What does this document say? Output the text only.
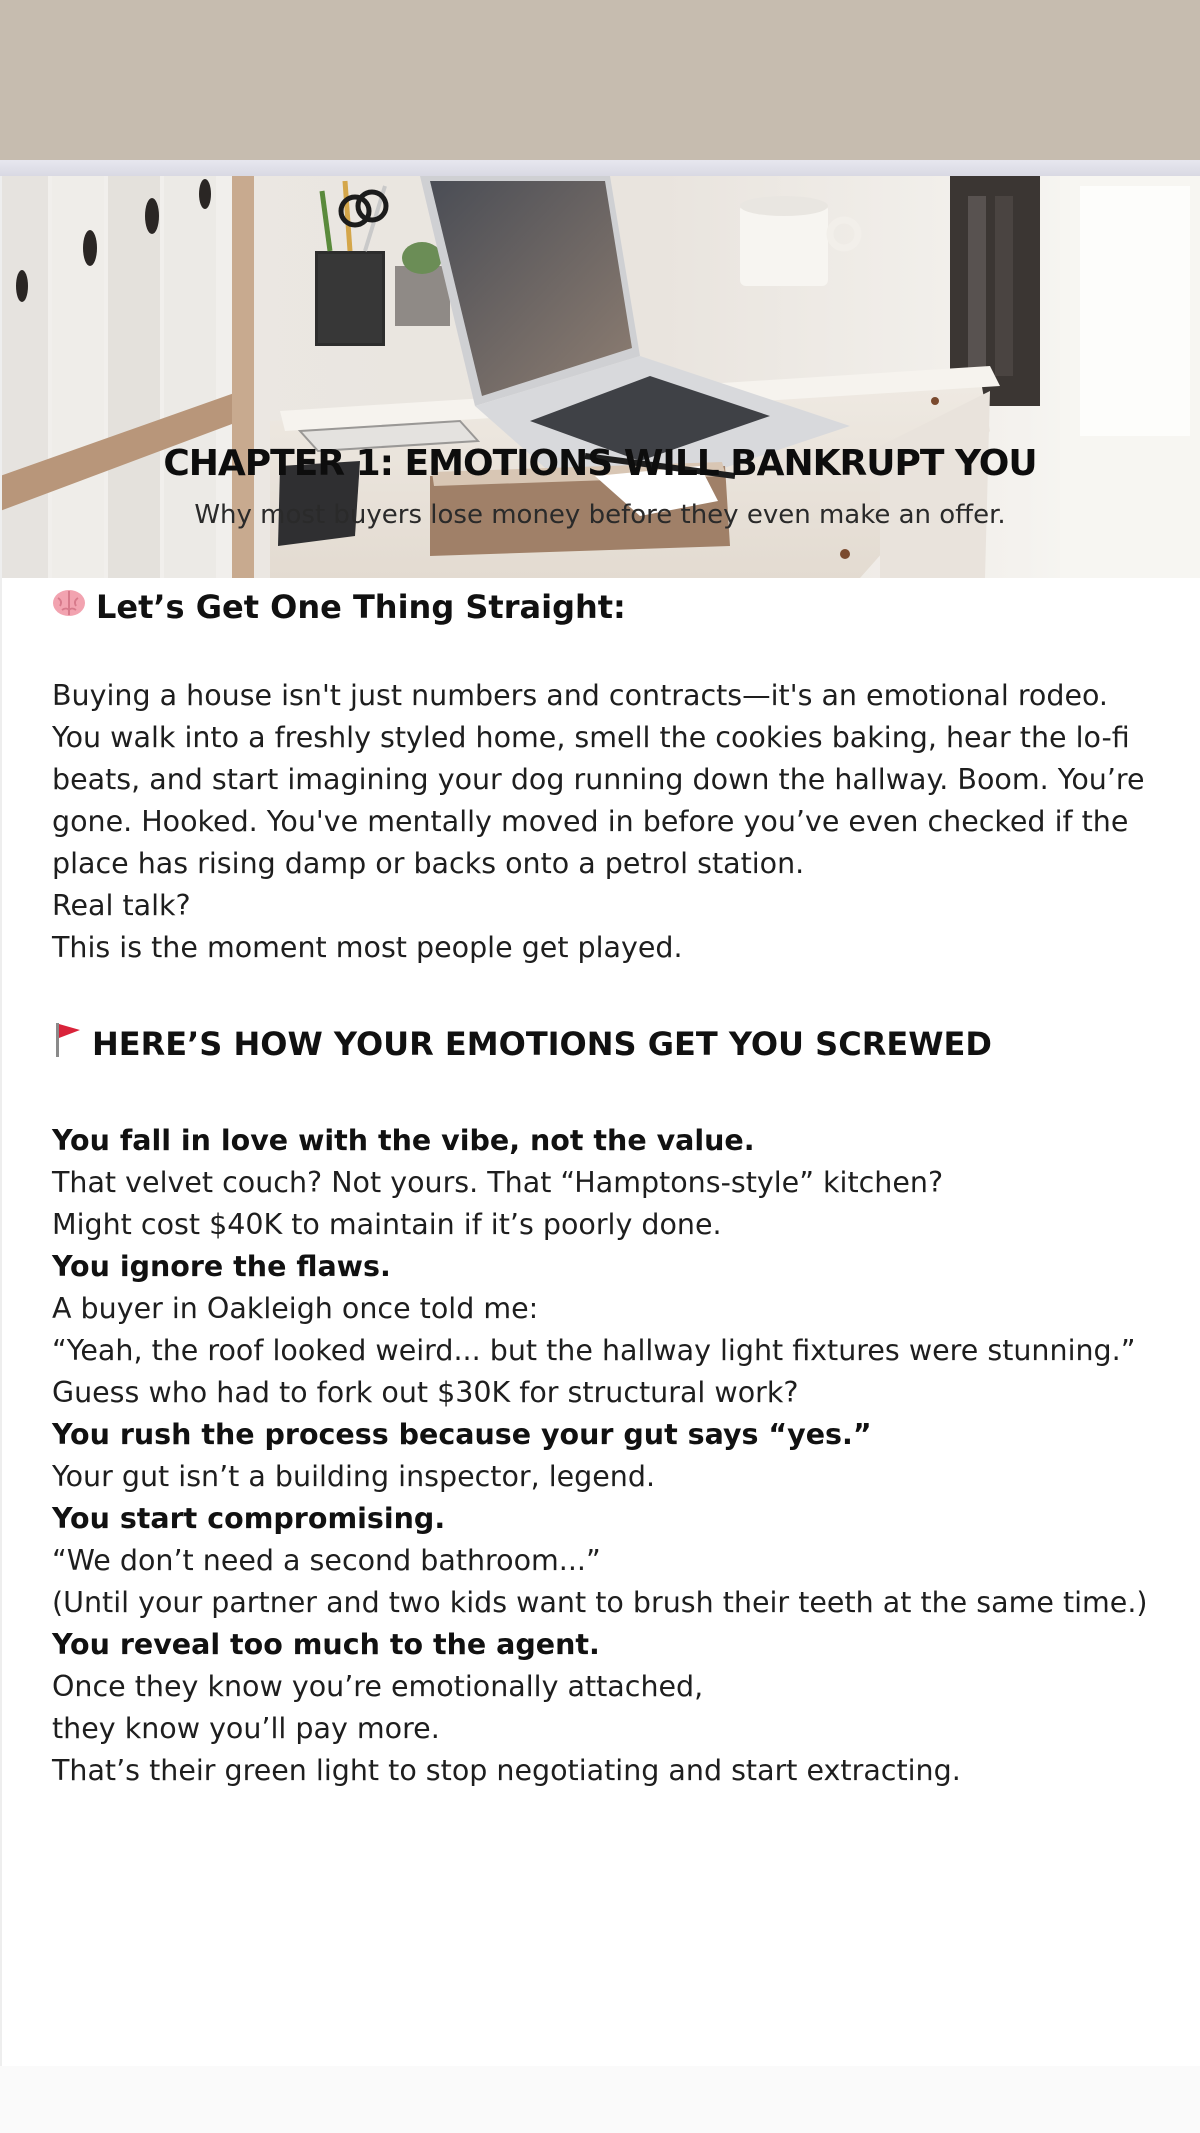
CHAPTER 1: EMOTIONS WILL BANKRUPT YOU
Why most buyers lose money before they even make an offer.
Let’s Get One Thing Straight:
Buying a house isn't just numbers and contracts—it's an emotional rodeo.
You walk into a freshly styled home, smell the cookies baking, hear the lo-fi
beats, and start imagining your dog running down the hallway. Boom. You’re
gone. Hooked. You've mentally moved in before you’ve even checked if the
place has rising damp or backs onto a petrol station.
Real talk?
This is the moment most people get played.
HERE’S HOW YOUR EMOTIONS GET YOU SCREWED
You fall in love with the vibe, not the value.
That velvet couch? Not yours. That “Hamptons-style” kitchen?
Might cost $40K to maintain if it’s poorly done.
You ignore the flaws.
A buyer in Oakleigh once told me:
“Yeah, the roof looked weird... but the hallway light fixtures were stunning.”
Guess who had to fork out $30K for structural work?
You rush the process because your gut says “yes.”
Your gut isn’t a building inspector, legend.
You start compromising.
“We don’t need a second bathroom...”
(Until your partner and two kids want to brush their teeth at the same time.)
You reveal too much to the agent.
Once they know you’re emotionally attached,
they know you’ll pay more.
That’s their green light to stop negotiating and start extracting.
